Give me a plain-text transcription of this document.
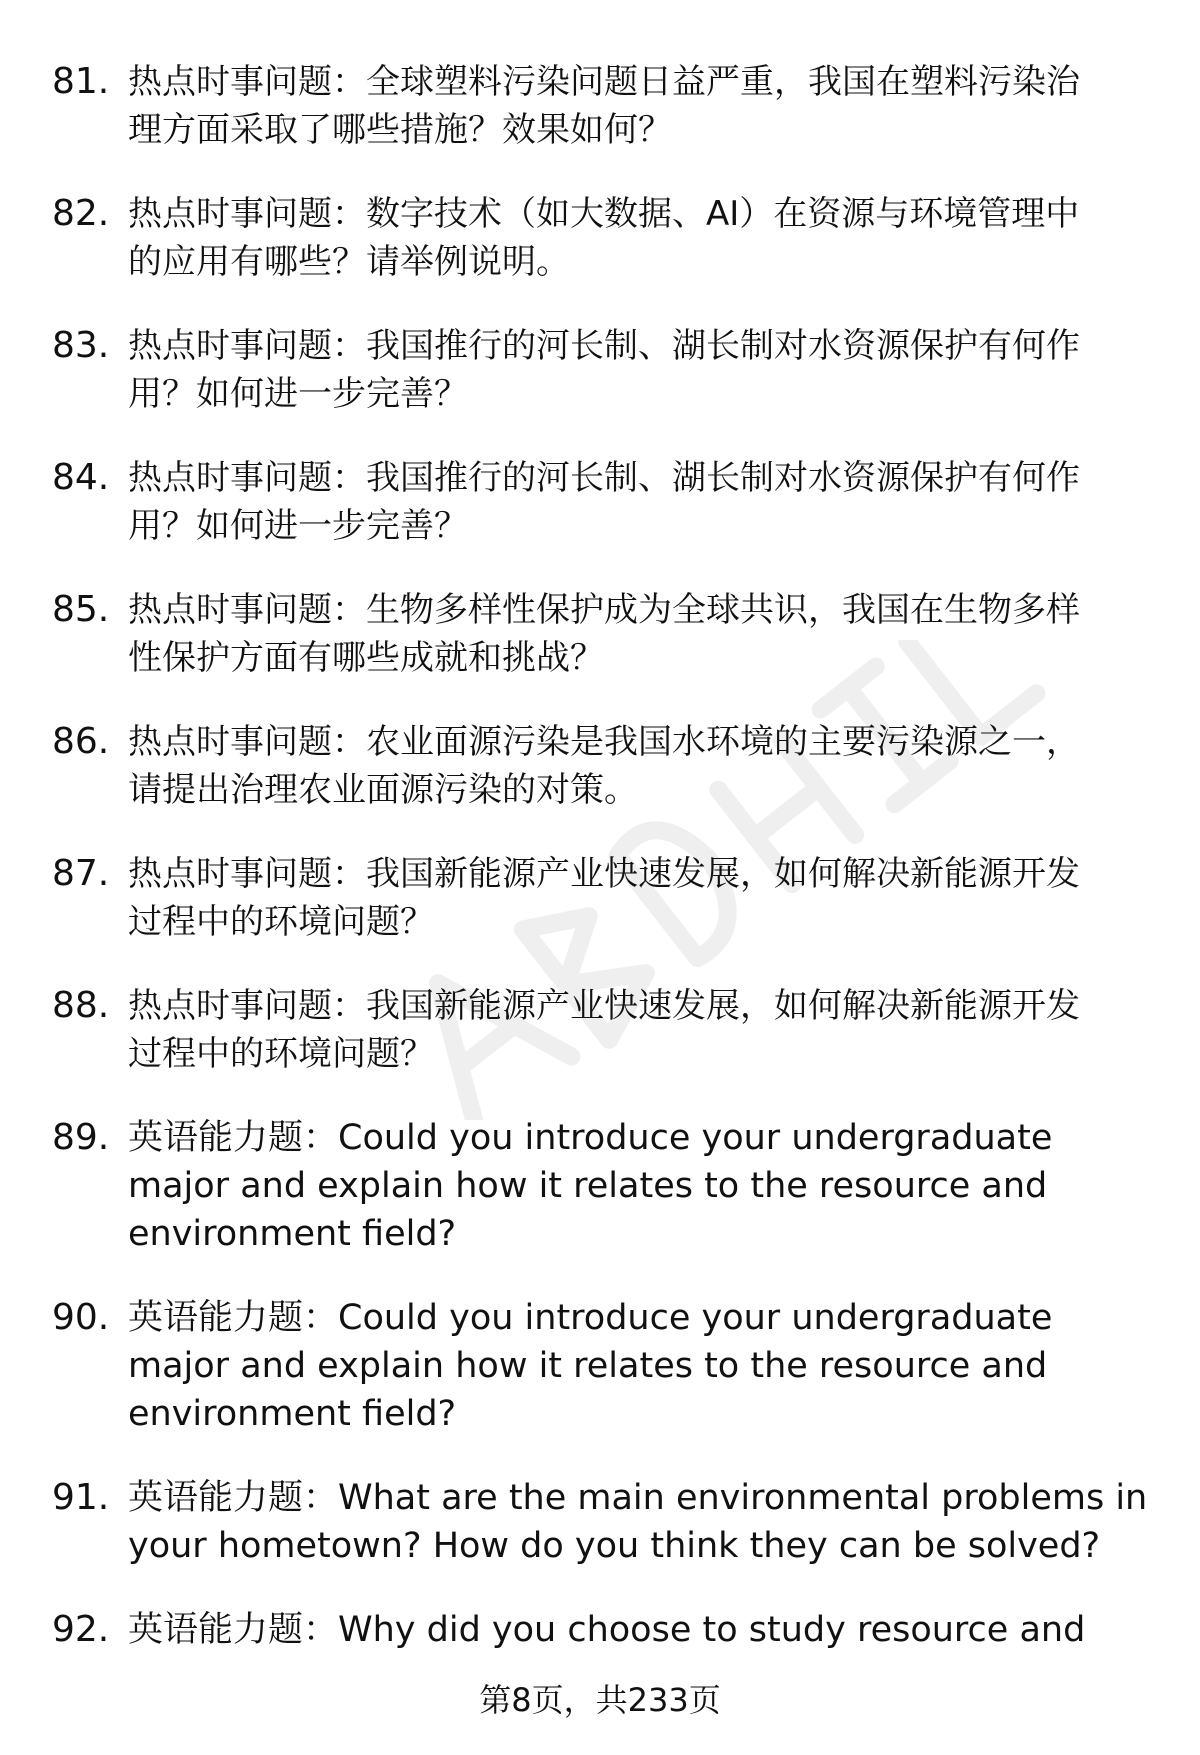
81. 热点时事问题：全球塑料污染问题日益严重，我国在塑料污染治
理方面采取了哪些措施？效果如何？
82. 热点时事问题：数字技术（如大数据、AI）在资源与环境管理中
的应用有哪些？请举例说明。
83. 热点时事问题：我国推行的河长制、湖长制对水资源保护有何作
用？如何进一步完善？
84. 热点时事问题：我国推行的河长制、湖长制对水资源保护有何作
用？如何进一步完善？
85. 热点时事问题：生物多样性保护成为全球共识，我国在生物多样
性保护方面有哪些成就和挑战？
86. 热点时事问题：农业面源污染是我国水环境的主要污染源之一，
请提出治理农业面源污染的对策。
87. 热点时事问题：我国新能源产业快速发展，如何解决新能源开发
过程中的环境问题？
88. 热点时事问题：我国新能源产业快速发展，如何解决新能源开发
过程中的环境问题？
89. 英语能力题：Could you introduce your undergraduate
major and explain how it relates to the resource and
environment field?
90. 英语能力题：Could you introduce your undergraduate
major and explain how it relates to the resource and
environment field?
91. 英语能力题：What are the main environmental problems in
your hometown? How do you think they can be solved?
92. 英语能力题：Why did you choose to study resource and
第8页，共233页
